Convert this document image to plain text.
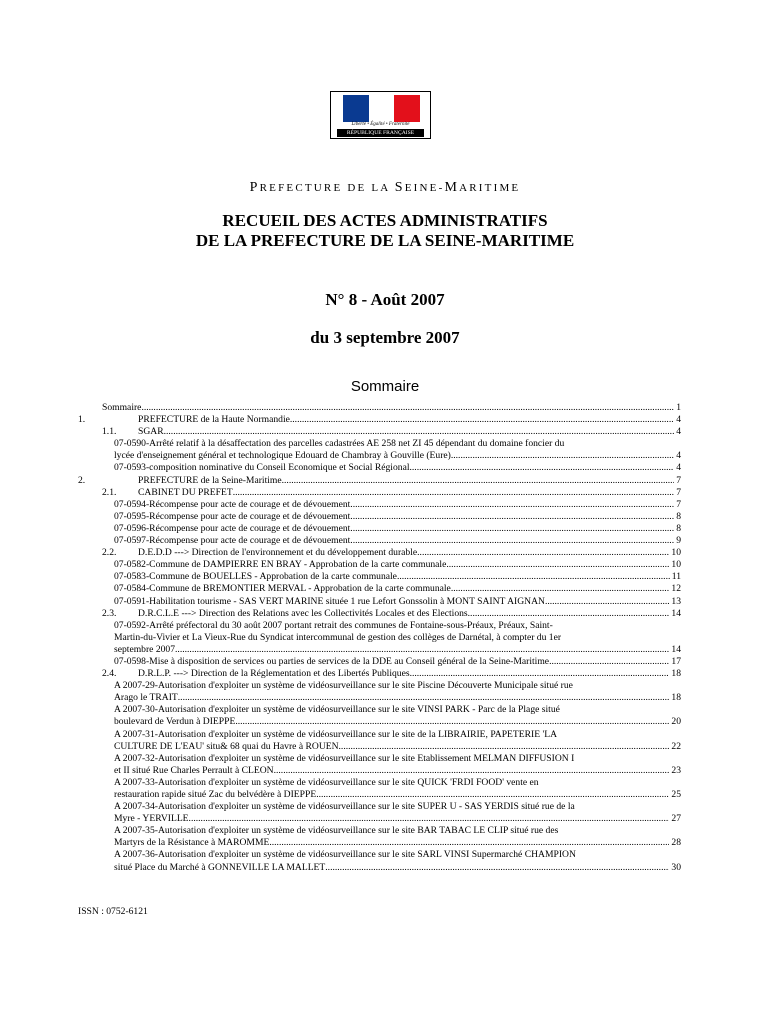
Liberté • Égalité • Fraternité
RÉPUBLIQUE FRANÇAISE
PREFECTURE DE LA SEINE-MARITIME
RECUEIL DES ACTES ADMINISTRATIFS
DE LA PREFECTURE DE LA SEINE-MARITIME
N° 8 - Août 2007
du 3 septembre 2007
Sommaire
Sommaire .....	1
1.	PREFECTURE de la Haute Normandie .....	4
1.1.	SGAR .....	4
07-0590-Arrêté relatif à la désaffectation des parcelles cadastrées AE 258 net ZI 45 dépendant du domaine foncier du
lycée d'enseignement général et technologique Edouard de Chambray à Gouville (Eure) .....	4
07-0593-composition nominative du Conseil Economique et Social Régional .....	4
2.	PREFECTURE de la Seine-Maritime .....	7
2.1.	CABINET DU PREFET .....	7
07-0594-Récompense pour acte de courage et de dévouement .....	7
07-0595-Récompense pour acte de courage et de dévouement .....	8
07-0596-Récompense pour acte de courage et de dévouement .....	8
07-0597-Récompense pour acte de courage et de dévouement .....	9
2.2.	D.E.D.D ---> Direction de l'environnement et du développement durable .....	10
07-0582-Commune de DAMPIERRE EN BRAY - Approbation de la carte communale .....	10
07-0583-Commune de BOUELLES - Approbation de la carte communale .....	11
07-0584-Commune de BREMONTIER MERVAL - Approbation de la carte communale .....	12
07-0591-Habilitation tourisme - SAS VERT MARINE située 1 rue Lefort Gonssolin à MONT SAINT AIGNAN .....	13
2.3.	D.R.C.L.E ---> Direction des Relations avec les Collectivités Locales et des Elections .....	14
07-0592-Arrêté préfectoral du 30 août 2007 portant retrait des communes de Fontaine-sous-Préaux, Préaux, Saint-
Martin-du-Vivier et La Vieux-Rue du Syndicat intercommunal de gestion des collèges de Darnétal, à compter du 1er
septembre 2007. .....	14
07-0598-Mise à disposition de services ou parties de services de la DDE au Conseil général de la Seine-Maritime .....	17
2.4.	D.R.L.P. ---> Direction de la Réglementation et des Libertés Publiques .....	18
A 2007-29-Autorisation d'exploiter un système de vidéosurveillance sur le site Piscine Découverte Municipale situé rue
Arago le TRAIT .....	18
A 2007-30-Autorisation d'exploiter un système de vidéosurveillance sur le site VINSI PARK - Parc de la Plage situé
boulevard de Verdun à DIEPPE .....	20
A 2007-31-Autorisation d'exploiter un système de vidéosurveillance sur le site de la LIBRAIRIE, PAPETERIE 'LA
CULTURE DE L'EAU' situ& 68 quai du Havre à ROUEN .....	22
A 2007-32-Autorisation d'exploiter un système de vidéosurveillance sur le site Etablissement MELMAN DIFFUSION I
et II situé Rue Charles Perrault à CLEON .....	23
A 2007-33-Autorisation d'exploiter un système de vidéosurveillance sur le site QUICK 'FRDI FOOD' vente en
restauration rapide situé Zac du belvédère à DIEPPE .....	25
A 2007-34-Autorisation d'exploiter un système de vidéosurveillance sur le site SUPER U - SAS YERDIS situé rue de la
Myre - YERVILLE .....	27
A 2007-35-Autorisation d'exploiter un système de vidéosurveillance sur le site BAR TABAC LE CLIP situé rue des
Martyrs de la Résistance à MAROMME .....	28
A 2007-36-Autorisation d'exploiter un système de vidéosurveillance sur le site SARL VINSI Supermarché CHAMPION
situé Place du Marché à GONNEVILLE LA MALLET .....	30
ISSN : 0752-6121
